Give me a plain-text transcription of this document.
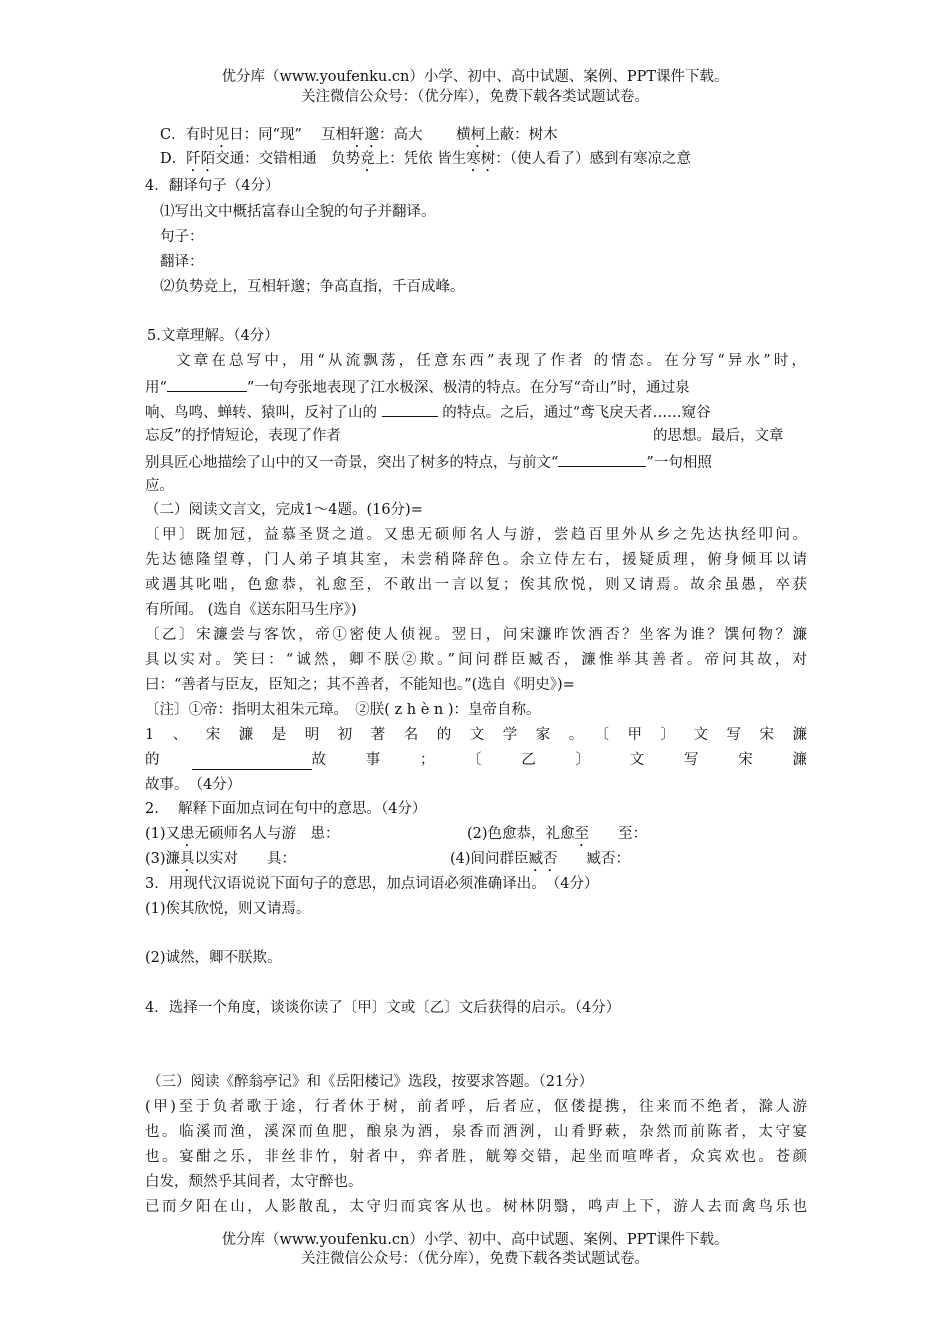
优分库（www.youfenku.cn）小学、初中、高中试题、案例、PPT课件下载。
关注微信公众号：（优分库），免费下载各类试题试卷。
C．有时见日：同“现”　 互相轩邈：高大　　 横柯上蔽：树木
D．阡陌交通：交错相通　负势竞上：凭依 皆生寒树：（使人看了）感到有寒凉之意
4．翻译句子（4分）
⑴写出文中概括富春山全貌的句子并翻译。
句子：
翻译：
⑵负势竞上，互相轩邈；争高直指，千百成峰。
5.文章理解。（4分）
文章在总写中，用“从流飘荡，任意东西”表现了作者 的情态。在分写“异水”时，
用“	”一句夸张地表现了江水极深、极清的特点。在分写“奇山”时，通过泉
响、鸟鸣、蝉转、猿叫，反衬了山的	的特点。之后，通过“鸢飞戾天者……窥谷
忘反”的抒情短论，表现了作者	的思想。最后，文章
别具匠心地描绘了山中的又一奇景，突出了树多的特点，与前文“	”一句相照
应。
（二）阅读文言文，完成1～4题。(16分)=
〔甲〕既加冠，益慕圣贤之道。又患无硕师名人与游，尝趋百里外从乡之先达执经叩问。
先达德隆望尊，门人弟子填其室，未尝稍降辞色。余立侍左右，援疑质理，俯身倾耳以请
或遇其叱咄，色愈恭，礼愈至，不敢出一言以复；俟其欣悦，则又请焉。故余虽愚，卒获
有所闻。 (选自《送东阳马生序》)
〔乙〕宋濂尝与客饮，帝①密使人侦视。翌日，问宋濂昨饮酒否？坐客为谁？馔何物？濂
具以实对。笑曰：“诚然，卿不朕②欺。”间问群臣臧否，濂惟举其善者。帝问其故，对
曰：“善者与臣友，臣知之；其不善者，不能知也。”(选自《明史》)=
〔注〕①帝：指明太祖朱元璋。　②朕( z h è n )：皇帝自称。
1、宋濂是明初著名的文学家。〔甲〕文写宋濂
的	故事；〔乙〕文写宋濂
故事。　（4分）
2.　 解释下面加点词在句中的意思。（4分）
(1)又患无硕师名人与游　患：	(2)色愈恭，礼愈至　　至：
(3)濂具以实对　　具：	(4)间问群臣臧否　　臧否：
3．用现代汉语说说下面句子的意思，加点词语必须准确译出。　（4分）
(1)俟其欣悦，则又请焉。
(2)诚然，卿不朕欺。
4．选择一个角度，谈谈你读了〔甲〕文或〔乙〕文后获得的启示。（4分）
（三）阅读《醉翁亭记》和《岳阳楼记》选段，按要求答题。（21分）
(甲)至于负者歌于途，行者休于树，前者呼，后者应，伛偻提携，往来而不绝者，滁人游
也。临溪而渔，溪深而鱼肥，酿泉为酒，泉香而酒洌，山肴野蔌，杂然而前陈者，太守宴
也。宴酣之乐，非丝非竹，射者中，弈者胜，觥筹交错，起坐而喧哗者，众宾欢也。苍颜
白发，颓然乎其间者，太守醉也。
已而夕阳在山，人影散乱，太守归而宾客从也。树林阴翳，鸣声上下，游人去而禽鸟乐也
优分库（www.youfenku.cn）小学、初中、高中试题、案例、PPT课件下载。
关注微信公众号：（优分库），免费下载各类试题试卷。
